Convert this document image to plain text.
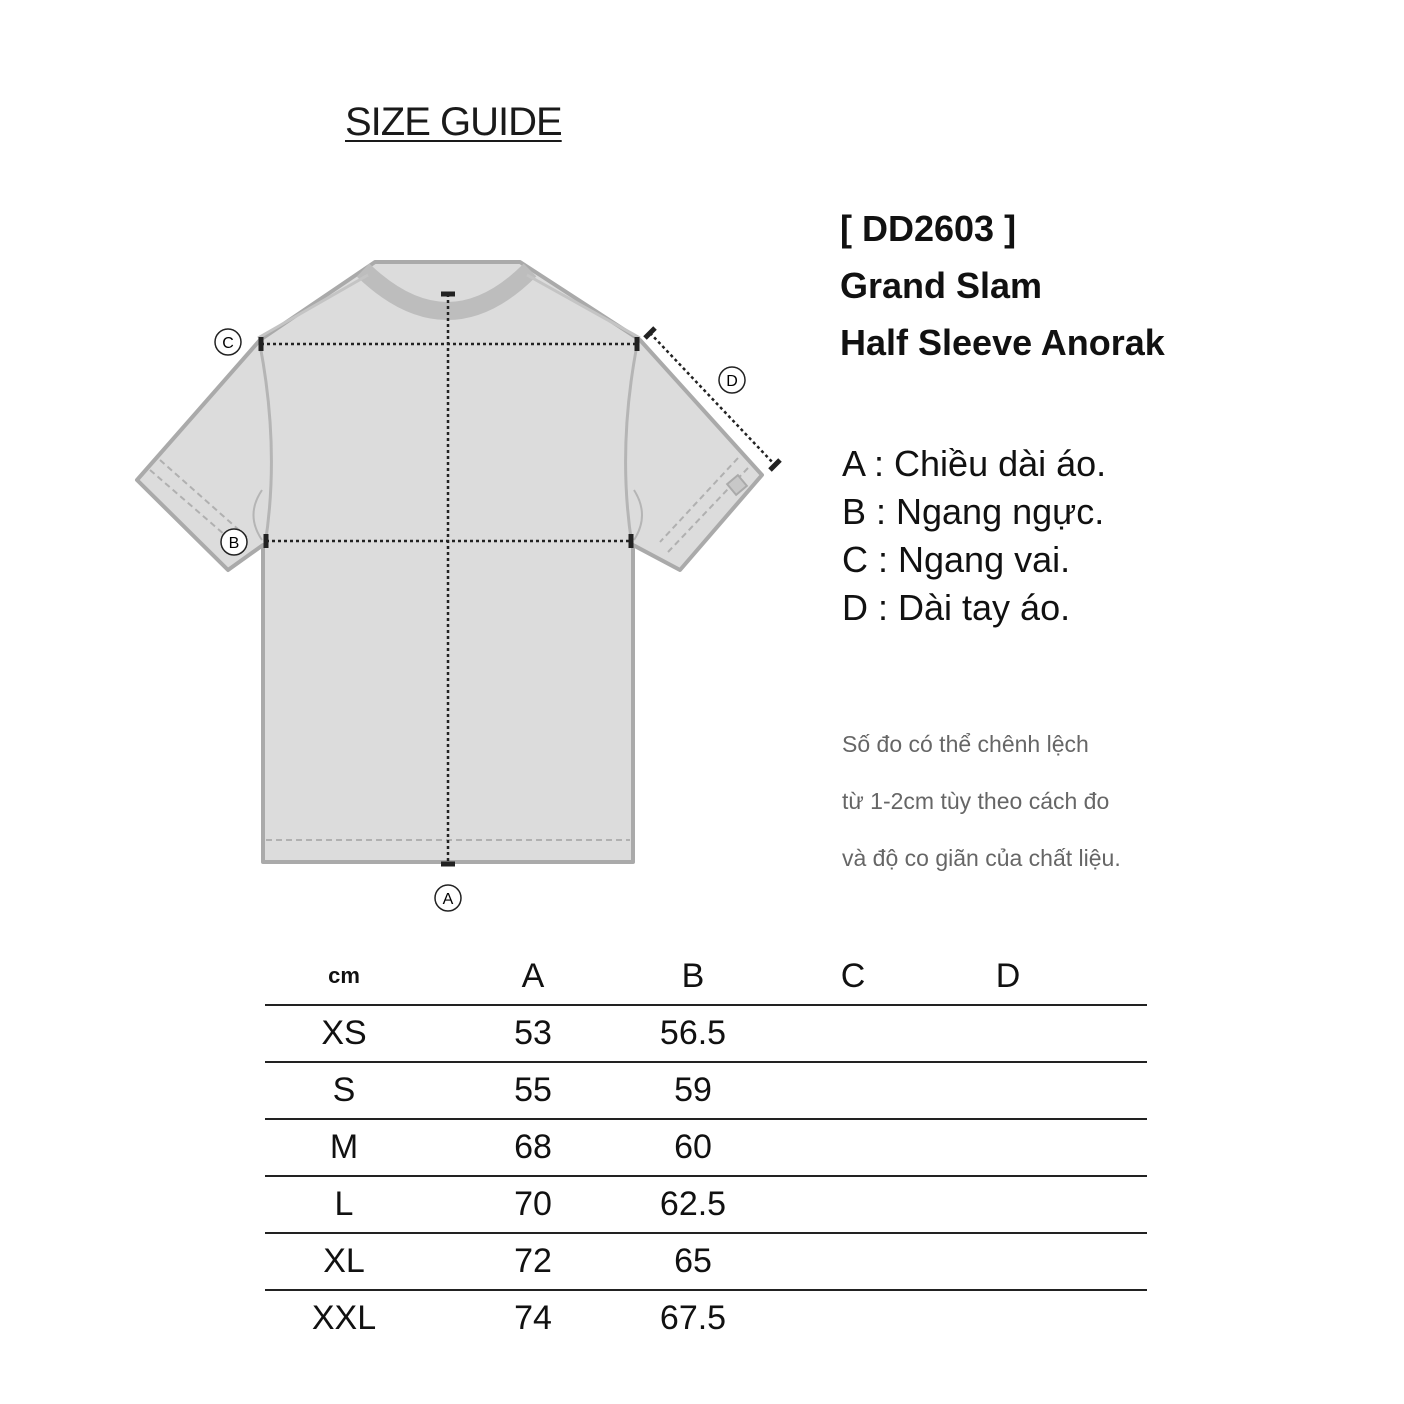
SIZE GUIDE
C
B
D
A
[ DD2603 ]
Grand Slam
Half Sleeve Anorak
A : Chiều dài áo.
B : Ngang ngực.
C : Ngang vai.
D : Dài tay áo.
Số đo có thể chênh lệch
từ 1-2cm tùy theo cách đo
và độ co giãn của chất liệu.
cm	A	B	C	D	
XS	53	56.5			
S	55	59			
M	68	60			
L	70	62.5			
XL	72	65			
XXL	74	67.5			
